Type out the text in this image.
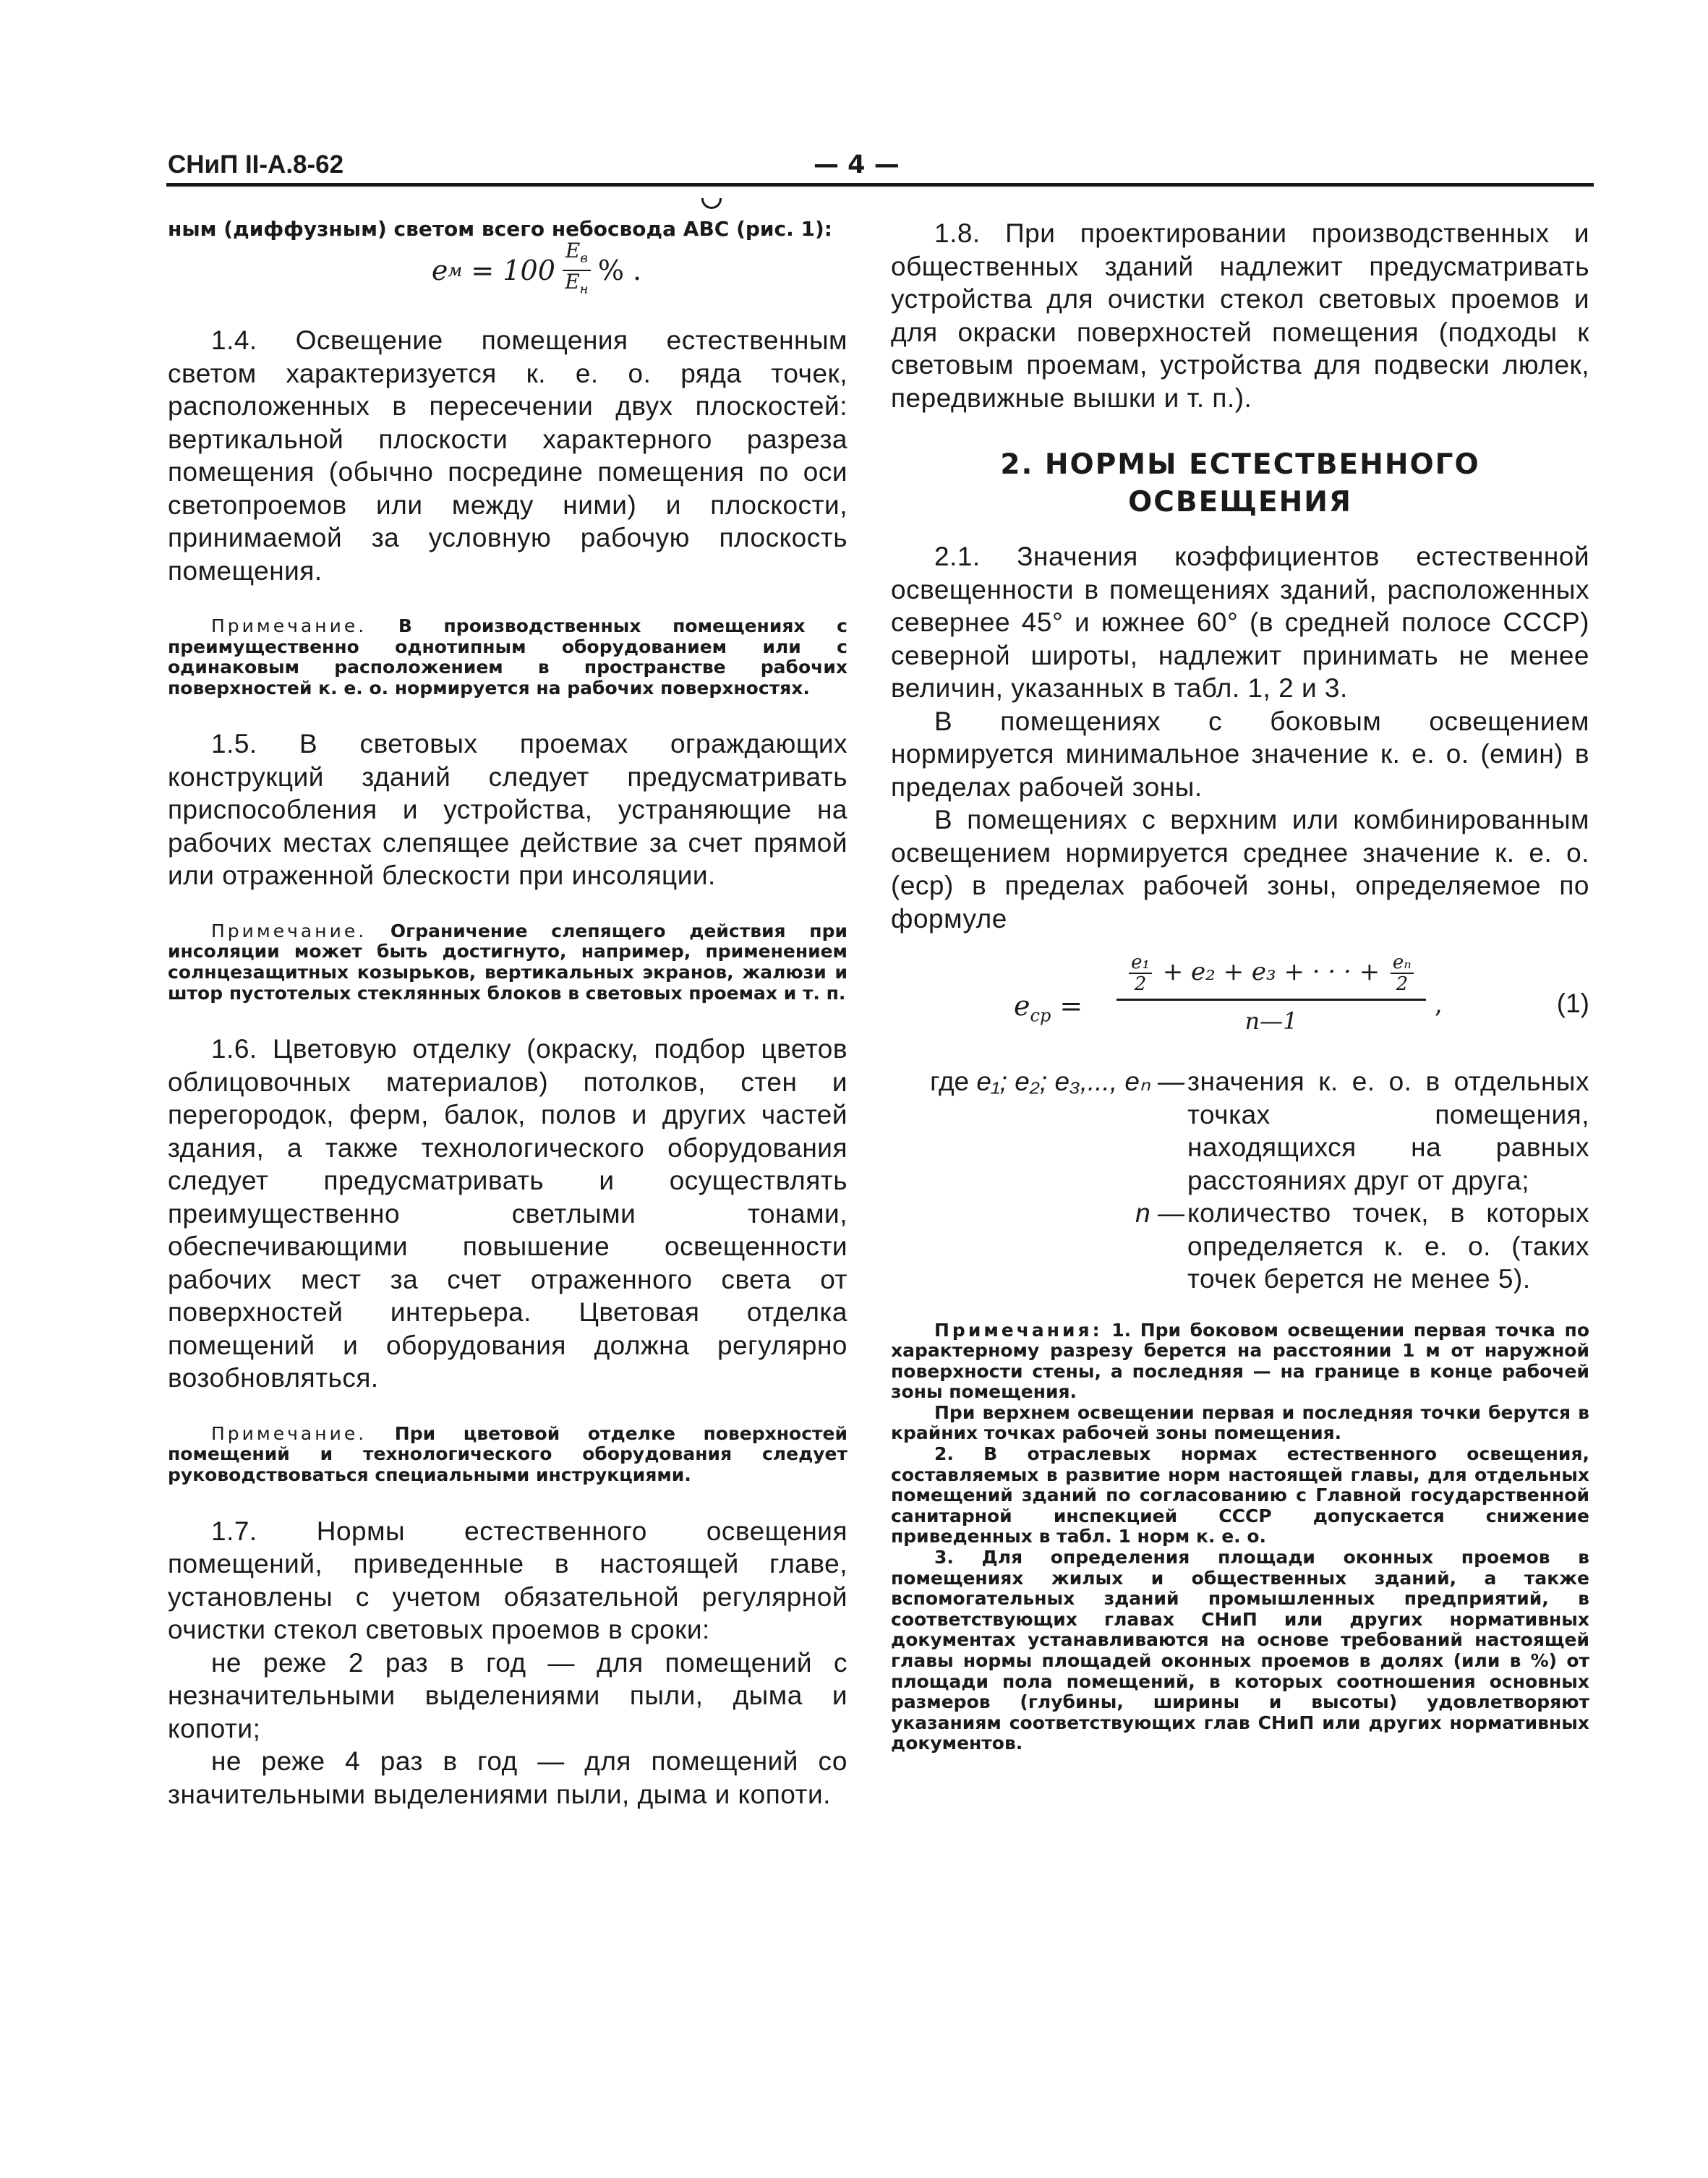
СНиП II-А.8-62	— 4 —

ным (диффузным) светом всего небосвода ABC (рис. 1):

e м
= $100 \frac{E_в}{E_н}$ % .

1.4. Освещение помещения естественным светом характеризуется к. е. о. ряда точек, расположенных в пересечении двух плоскостей: вертикальной плоскости характерного разреза помещения (обычно посредине помещения по оси светопроемов или между ними) и плоскости, принимаемой за условную рабочую плоскость помещения.

Примечание. В производственных помещениях с преимущественно однотипным оборудованием или с одинаковым расположением в пространстве рабочих поверхностей к. е. о. нормируется на рабочих поверхностях.

1.5. В световых проемах ограждающих конструкций зданий следует предусматривать приспособления и устройства, устраняющие на рабочих местах слепящее действие за счет прямой или отраженной блескости при инсоляции.

Примечание. Ограничение слепящего действия при инсоляции может быть достигнуто, например, применением солнцезащитных козырьков, вертикальных экранов, жалюзи и штор пустотелых стеклянных блоков в световых проемах и т. п.

1.6. Цветовую отделку (окраску, подбор цветов облицовочных материалов) потолков, стен и перегородок, ферм, балок, полов и других частей здания, а также технологического оборудования следует предусматривать и осуществлять преимущественно светлыми тонами, обеспечивающими повышение освещенности рабочих мест за счет отраженного света от поверхностей интерьера. Цветовая отделка помещений и оборудования должна регулярно возобновляться.

Примечание. При цветовой отделке поверхностей помещений и технологического оборудования следует руководствоваться специальными инструкциями.

1.7. Нормы естественного освещения помещений, приведенные в настоящей главе, установлены с учетом обязательной регулярной очистки стекол световых проемов в сроки:

не реже 2 раз в год — для помещений с незначительными выделениями пыли, дыма и копоти;

не реже 4 раз в год — для помещений со значительными выделениями пыли, дыма и копоти.

1.8. При проектировании производственных и общественных зданий надлежит предусматривать устройства для очистки стекол световых проемов и для окраски поверхностей помещения (подходы к световым проемам, устройства для подвески люлек, передвижные вышки и т. п.).

2. НОРМЫ ЕСТЕСТВЕННОГО
ОСВЕЩЕНИЯ

2.1. Значения коэффициентов естественной освещенности в помещениях зданий, расположенных севернее 45° и южнее 60° (в средней полосе СССР) северной широты, надлежит принимать не менее величин, указанных в табл. 1, 2 и 3.

В помещениях с боковым освещением нормируется минимальное значение к. е. о. (eмин) в пределах рабочей зоны.

В помещениях с верхним или комбинированным освещением нормируется среднее значение к. е. о. (eср) в пределах рабочей зоны, определяемое по формуле

$e_{ср}$ =
$\frac{\text{e₁}}{2} + e_2 + e_3$ + · · · + $\frac{\text{eₙ}}{2}$
n—1
,	(1)
где e₁; e₂; e₃,..., eₙ — значения к. е. о. в отдельных точках помещения, находящихся на равных расстояниях друг от друга;
n — количество точек, в которых определяется к. е. о. (таких точек берется не менее 5).

Примечания: 1. При боковом освещении первая точка по характерному разрезу берется на расстоянии 1 м от наружной поверхности стены, а последняя — на границе в конце рабочей зоны помещения.

При верхнем освещении первая и последняя точки берутся в крайних точках рабочей зоны помещения.

2. В отраслевых нормах естественного освещения, составляемых в развитие норм настоящей главы, для отдельных помещений зданий по согласованию с Главной государственной санитарной инспекцией СССР допускается снижение приведенных в табл. 1 норм к. е. о.

3. Для определения площади оконных проемов в помещениях жилых и общественных зданий, а также вспомогательных зданий промышленных предприятий, в соответствующих главах СНиП или других нормативных документах устанавливаются на основе требований настоящей главы нормы площадей оконных проемов в долях (или в %) от площади пола помещений, в которых соотношения основных размеров (глубины, ширины и высоты) удовлетворяют указаниям соответствующих глав СНиП или других нормативных документов.
